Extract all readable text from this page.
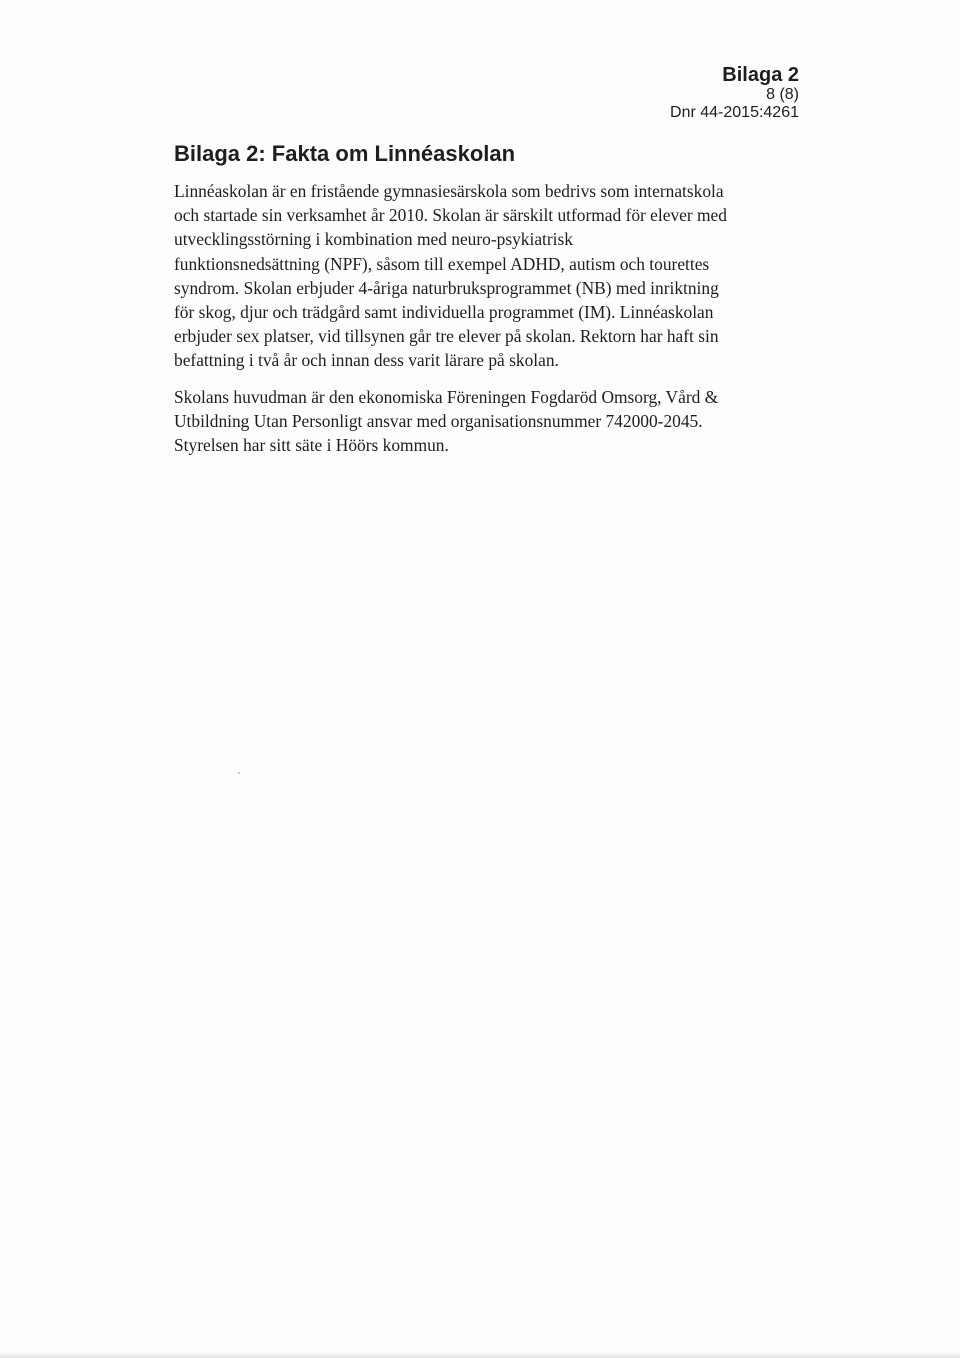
Bilaga 2
8 (8)
Dnr 44-2015:4261
Bilaga 2: Fakta om Linnéaskolan

Linnéaskolan är en fristående gymnasiesärskola som bedrivs som internatskola
och startade sin verksamhet år 2010. Skolan är särskilt utformad för elever med
utvecklingsstörning i kombination med neuro-psykiatrisk
funktionsnedsättning (NPF), såsom till exempel ADHD, autism och tourettes
syndrom. Skolan erbjuder 4-åriga naturbruksprogrammet (NB) med inriktning
för skog, djur och trädgård samt individuella programmet (IM). Linnéaskolan
erbjuder sex platser, vid tillsynen går tre elever på skolan. Rektorn har haft sin
befattning i två år och innan dess varit lärare på skolan.

Skolans huvudman är den ekonomiska Föreningen Fogdaröd Omsorg, Vård &
Utbildning Utan Personligt ansvar med organisationsnummer 742000-2045.
Styrelsen har sitt säte i Höörs kommun.
